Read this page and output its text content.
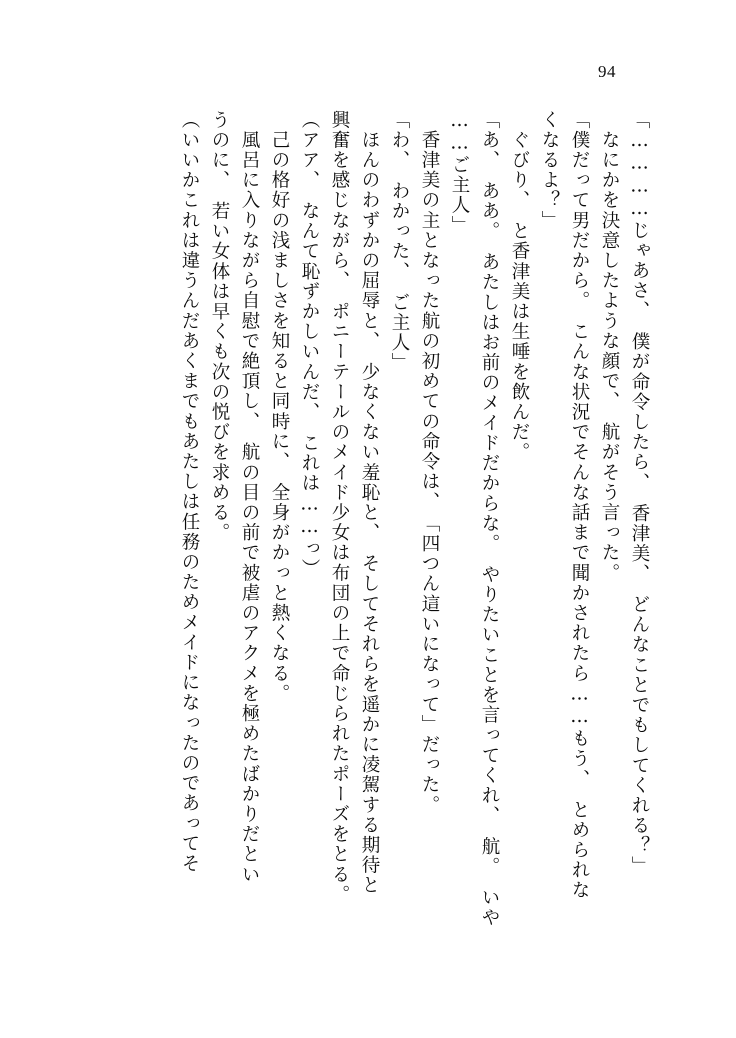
94
「…………じゃあさ、　僕が命令したら、　香津美、　どんなことでもしてくれる？」
　なにかを決意したような顔で、　航がそう言った。
「僕だって男だから。　こんな状況でそんな話まで聞かされたら……もう、　とめられな
くなるよ？」
　ぐびり、　と香津美は生唾を飲んだ。
「あ、　ああ。　あたしはお前のメイドだからな。　やりたいことを言ってくれ、　航。　いや
……ご主人」
　香津美の主となった航の初めての命令は、　「四つん這いになって」だった。
「わ、　わかった、　ご主人」
　ほんのわずかの屈辱と、　少なくない羞恥と、　そしてそれらを遥かに凌駕する期待と
興奮を感じながら、　ポニーテールのメイド少女は布団の上で命じられたポーズをとる。
（アア、　なんて恥ずかしいんだ、　これは……っ）
　己の格好の浅ましさを知ると同時に、　全身がかっと熱くなる。
　風呂に入りながら自慰で絶頂し、　航の目の前で被虐のアクメを極めたばかりだとい
うのに、　若い女体は早くも次の悦びを求める。
（いいかこれは違うんだあくまでもあたしは任務のためメイドになったのであってそ
